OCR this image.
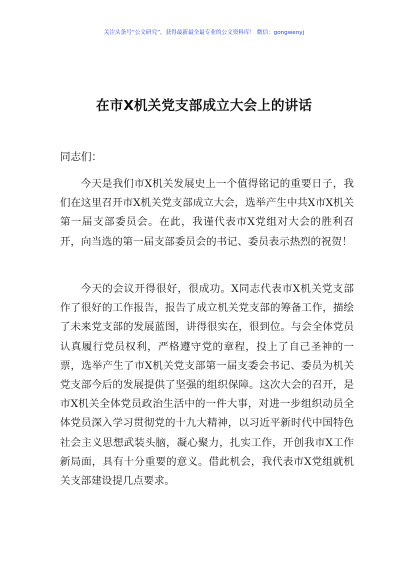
关注头条号“公文研究”，获得最新最全最专业的公文资料库！ 微信：gongwenyj
在市X机关党支部成立大会上的讲话
同志们：

今天是我们市X机关发展史上一个值得铭记的重要日子，我们在这里召开市X机关党支部成立大会，选举产生中共X市X机关第一届支部委员会。在此，我谨代表市X党组对大会的胜利召开，向当选的第一届支部委员会的书记、委员表示热烈的祝贺！

今天的会议开得很好，很成功。X同志代表市X机关党支部作了很好的工作报告，报告了成立机关党支部的筹备工作，描绘了未来党支部的发展蓝图，讲得很实在，很到位。与会全体党员认真履行党员权利，严格遵守党的章程，投上了自己圣神的一票，选举产生了市X机关党支部第一届支委会书记、委员为机关党支部今后的发展提供了坚强的组织保障。这次大会的召开，是市X机关全体党员政治生活中的一件大事，对进一步组织动员全体党员深入学习贯彻党的十九大精神，以习近平新时代中国特色社会主义思想武装头脑，凝心聚力，扎实工作，开创我市X工作新局面，具有十分重要的意义。借此机会，我代表市X党组就机关支部建设提几点要求。
